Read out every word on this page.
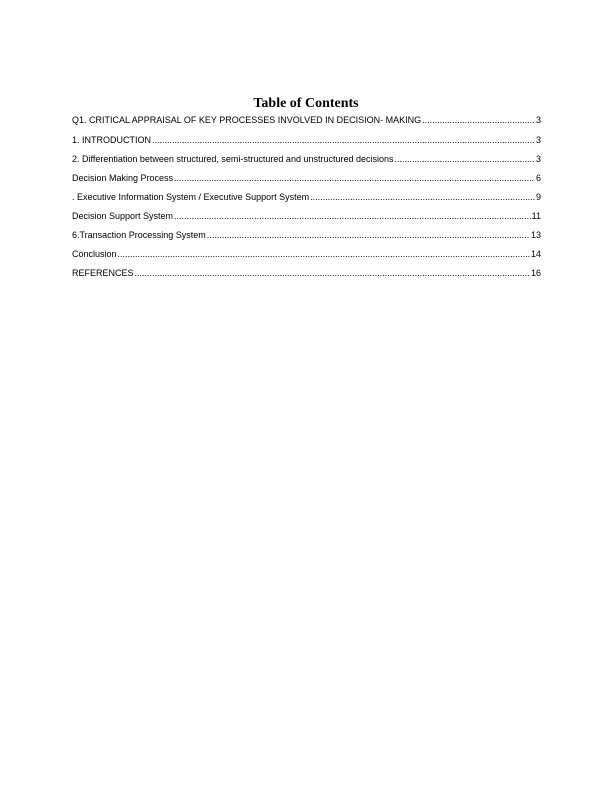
Table of Contents
Q1. CRITICAL APPRAISAL OF KEY PROCESSES INVOLVED IN DECISION- MAKING .....	3
1. INTRODUCTION .....	3
2. Differentiation between structured, semi-structured and unstructured decisions .....	3
Decision Making Process .....	6
. Executive Information System / Executive Support System .....	9
Decision Support System .....	11
6.Transaction Processing System .....	13
Conclusion .....	14
REFERENCES .....	16
